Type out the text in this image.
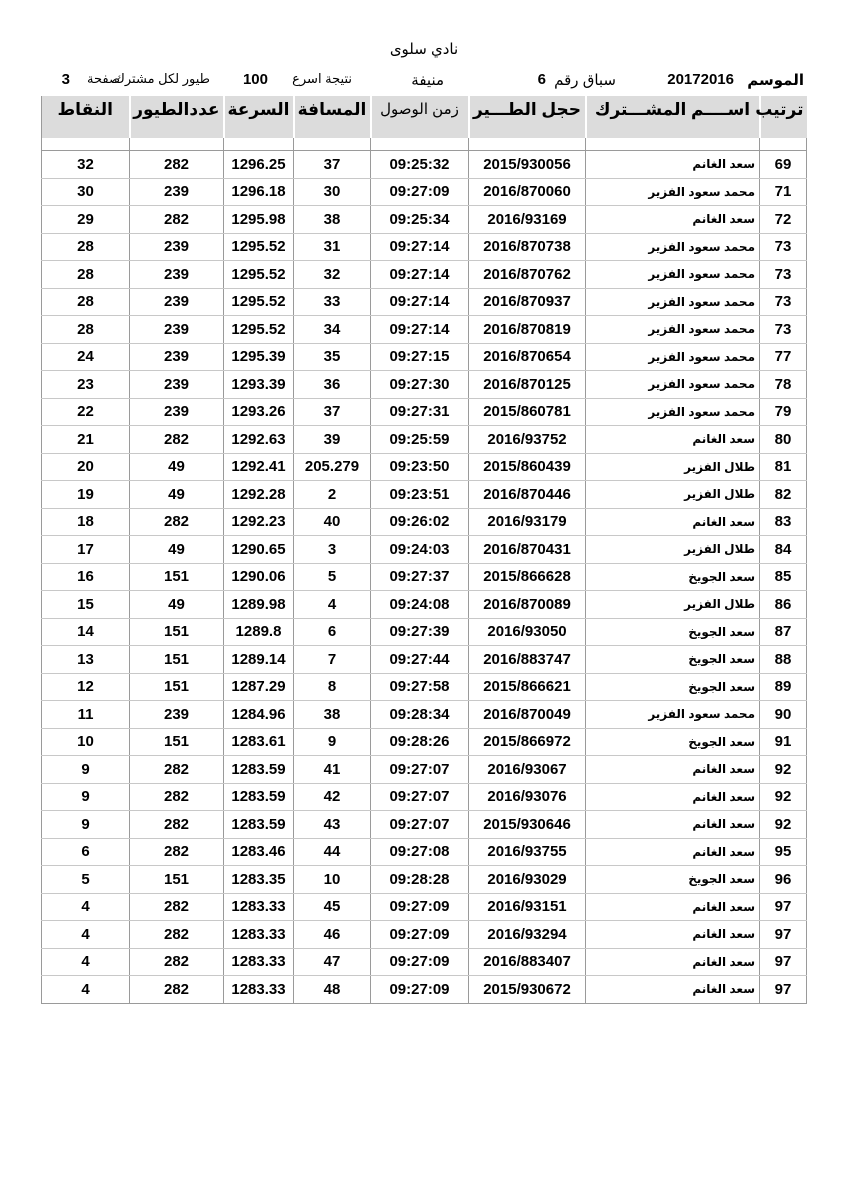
نادي سلوى
الموسم
20172016
سباق رقم
6
منيفة
نتيجة اسرع
100
طيور لكل مشترك
صفحة
3
ترتيب	اســــم المشـــترك	حجل الطـــير	زمن الوصول	المسافة	السرعة	عددالطيور	النقاط

69	سعد الغانم	2015/930056	09:25:32	37	1296.25	282	32
71	محمد سعود الفزير	2016/870060	09:27:09	30	1296.18	239	30
72	سعد الغانم	2016/93169	09:25:34	38	1295.98	282	29
73	محمد سعود الفزير	2016/870738	09:27:14	31	1295.52	239	28
73	محمد سعود الفزير	2016/870762	09:27:14	32	1295.52	239	28
73	محمد سعود الفزير	2016/870937	09:27:14	33	1295.52	239	28
73	محمد سعود الفزير	2016/870819	09:27:14	34	1295.52	239	28
77	محمد سعود الفزير	2016/870654	09:27:15	35	1295.39	239	24
78	محمد سعود الفزير	2016/870125	09:27:30	36	1293.39	239	23
79	محمد سعود الفزير	2015/860781	09:27:31	37	1293.26	239	22
80	سعد الغانم	2016/93752	09:25:59	39	1292.63	282	21
81	طلال الفزير	2015/860439	09:23:50	205.279	1292.41	49	20
82	طلال الفزير	2016/870446	09:23:51	2	1292.28	49	19
83	سعد الغانم	2016/93179	09:26:02	40	1292.23	282	18
84	طلال الفزير	2016/870431	09:24:03	3	1290.65	49	17
85	سعد الجويخ	2015/866628	09:27:37	5	1290.06	151	16
86	طلال الفزير	2016/870089	09:24:08	4	1289.98	49	15
87	سعد الجويخ	2016/93050	09:27:39	6	1289.8	151	14
88	سعد الجويخ	2016/883747	09:27:44	7	1289.14	151	13
89	سعد الجويخ	2015/866621	09:27:58	8	1287.29	151	12
90	محمد سعود الفزير	2016/870049	09:28:34	38	1284.96	239	11
91	سعد الجويخ	2015/866972	09:28:26	9	1283.61	151	10
92	سعد الغانم	2016/93067	09:27:07	41	1283.59	282	9
92	سعد الغانم	2016/93076	09:27:07	42	1283.59	282	9
92	سعد الغانم	2015/930646	09:27:07	43	1283.59	282	9
95	سعد الغانم	2016/93755	09:27:08	44	1283.46	282	6
96	سعد الجويخ	2016/93029	09:28:28	10	1283.35	151	5
97	سعد الغانم	2016/93151	09:27:09	45	1283.33	282	4
97	سعد الغانم	2016/93294	09:27:09	46	1283.33	282	4
97	سعد الغانم	2016/883407	09:27:09	47	1283.33	282	4
97	سعد الغانم	2015/930672	09:27:09	48	1283.33	282	4
